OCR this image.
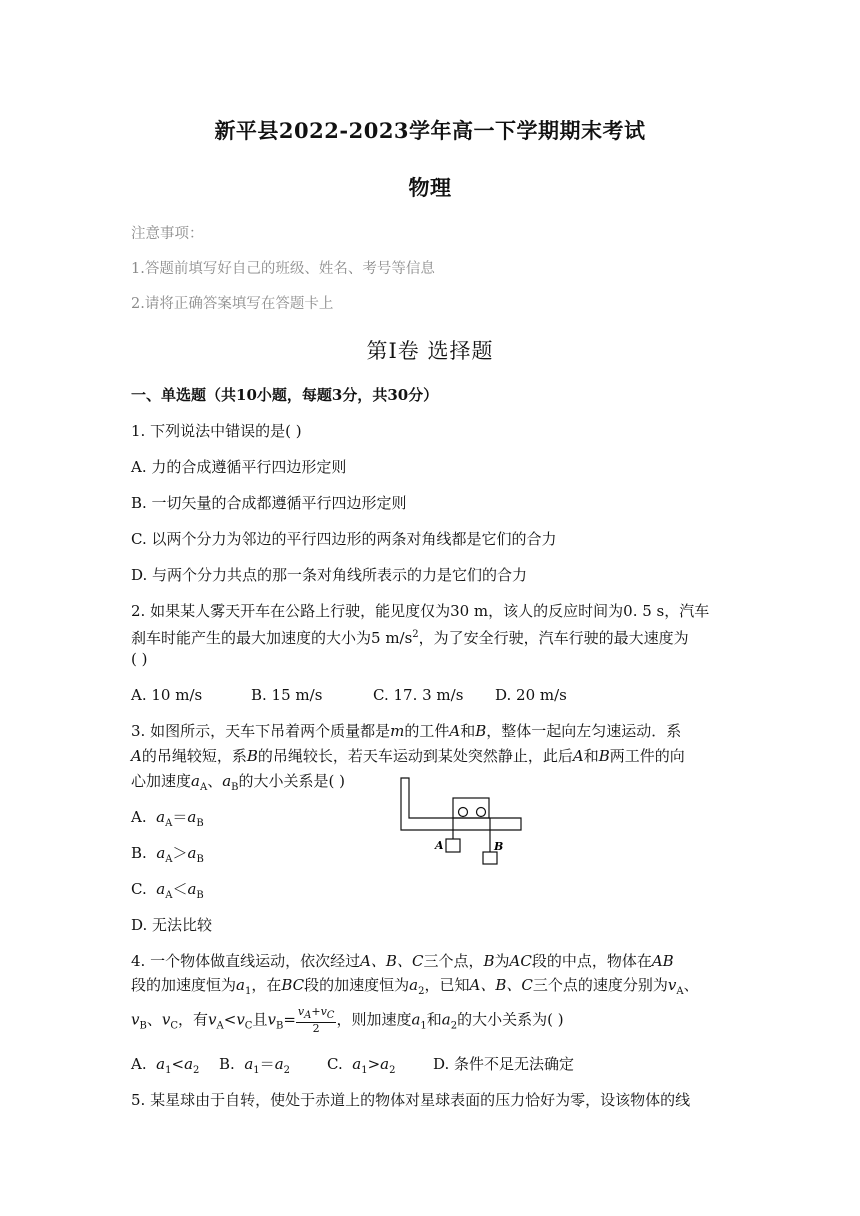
新平县2022-2023学年高一下学期期末考试
物理
注意事项：
1.答题前填写好自己的班级、姓名、考号等信息
2.请将正确答案填写在答题卡上
第Ⅰ卷 选择题
一、单选题（共10小题，每题3分，共30分）
1. 下列说法中错误的是( )
A. 力的合成遵循平行四边形定则
B. 一切矢量的合成都遵循平行四边形定则
C. 以两个分力为邻边的平行四边形的两条对角线都是它们的合力
D. 与两个分力共点的那一条对角线所表示的力是它们的合力
2. 如果某人雾天开车在公路上行驶，能见度仅为30 m，该人的反应时间为0. 5 s，汽车
刹车时能产生的最大加速度的大小为5 $m/s^2$，为了安全行驶，汽车行驶的最大速度为
( )
A. 10 m/s	B. 15 m/s	C. 17. 3 m/s D. 20 m/s
3. 如图所示，天车下吊着两个质量都是m的工件A和B，整体一起向左匀速运动．系
A的吊绳较短，系B的吊绳较长，若天车运动到某处突然静止，此后A和B两工件的向
心加速度$a_A$、$a_B$的大小关系是( )
A. $a_A=a_B$
B. $a_A>a_B$
C. $a_A<a_B$
D. 无法比较
A	B
4. 一个物体做直线运动，依次经过A、B、C三个点，B为AC段的中点，物体在AB
段的加速度恒为$a_1$，在BC段的加速度恒为$a_2$，已知A、B、C三个点的速度分别为$v_A$、
$v_B$、$v_C$，有$v_A<v_C$且$v_B= \frac{v_A+v_C}{2}$ ，则加速度$a_1$和$a_2$的大小关系为( )
A. $a_1<a_2$ B. $a_1=a_2$ C. $a_1>a_2$	D. 条件不足无法确定
5. 某星球由于自转，使处于赤道上的物体对星球表面的压力恰好为零，设该物体的线
